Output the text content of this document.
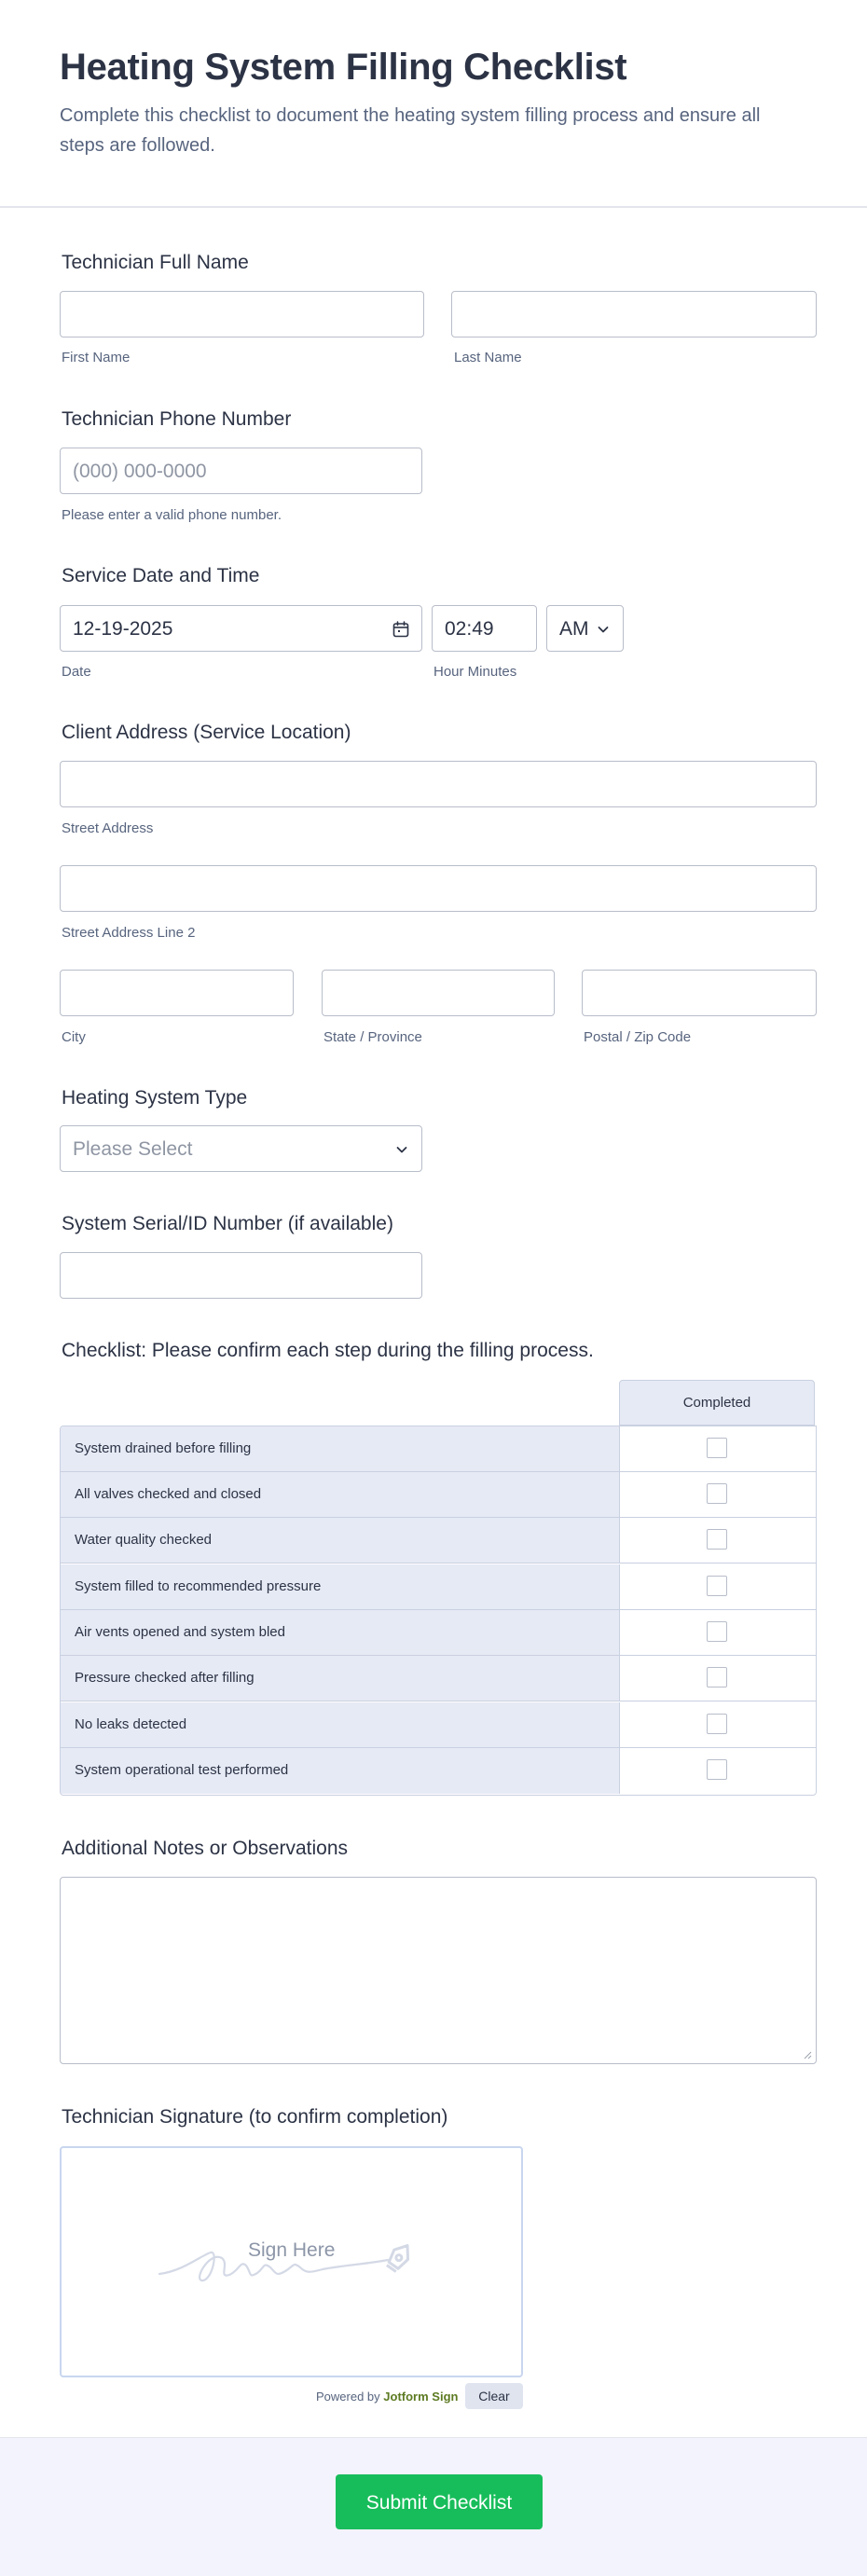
Heating System Filling Checklist

Complete this checklist to document the heating system filling process and ensure all steps are followed.

Technician Full Name
First Name	Last Name
Technician Phone Number
(000) 000-0000
Please enter a valid phone number.
Service Date and Time
12-19-2025
Date
02:49
Hour Minutes
AM
Client Address (Service Location)
Street Address
Street Address Line 2
City	State / Province	Postal / Zip Code
Heating System Type
Please Select
System Serial/ID Number (if available)
Checklist: Please confirm each step during the filling process.
Completed
System drained before filling
All valves checked and closed
Water quality checked
System filled to recommended pressure
Air vents opened and system bled
Pressure checked after filling
No leaks detected
System operational test performed
Additional Notes or Observations
Technician Signature (to confirm completion)
Sign Here
Powered by Jotform Sign	Clear
Submit Checklist
